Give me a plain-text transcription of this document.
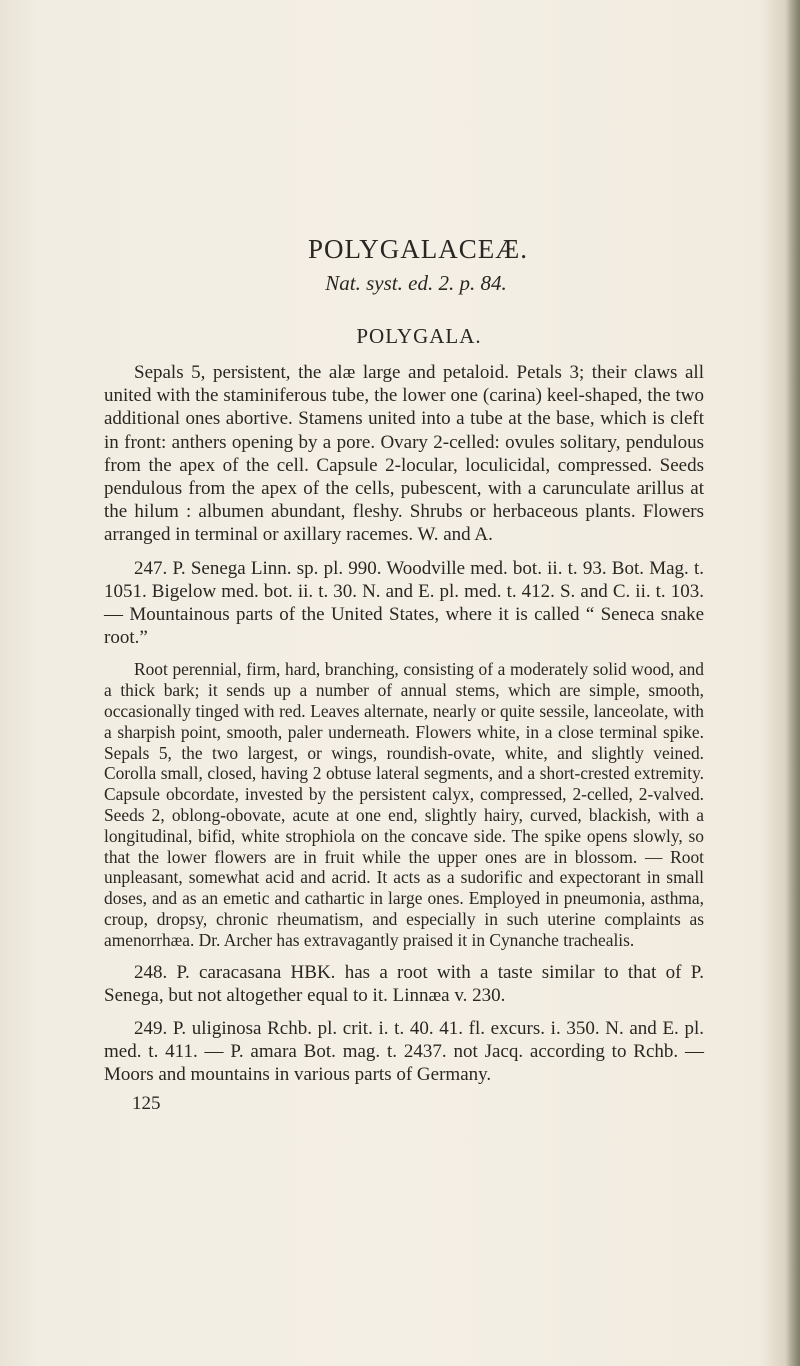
POLYGALACEÆ.
Nat. syst. ed. 2. p. 84.
POLYGALA.

Sepals 5, persistent, the alæ large and petaloid. Petals 3; their claws all united with the staminiferous tube, the lower one (carina) keel-shaped, the two additional ones abortive. Stamens united into a tube at the base, which is cleft in front: anthers opening by a pore. Ovary 2-celled: ovules solitary, pendulous from the apex of the cell. Capsule 2-locular, loculicidal, compressed. Seeds pendulous from the apex of the cells, pubescent, with a carunculate arillus at the hilum : albumen abundant, fleshy. Shrubs or herbaceous plants. Flowers arranged in terminal or axillary racemes. W. and A.

247. P. Senega Linn. sp. pl. 990. Woodville med. bot. ii. t. 93. Bot. Mag. t. 1051. Bigelow med. bot. ii. t. 30. N. and E. pl. med. t. 412. S. and C. ii. t. 103. — Mountainous parts of the United States, where it is called “ Seneca snake root.”

Root perennial, firm, hard, branching, consisting of a moderately solid wood, and a thick bark; it sends up a number of annual stems, which are simple, smooth, occasionally tinged with red. Leaves alternate, nearly or quite sessile, lanceolate, with a sharpish point, smooth, paler underneath. Flowers white, in a close terminal spike. Sepals 5, the two largest, or wings, roundish-ovate, white, and slightly veined. Corolla small, closed, having 2 obtuse lateral segments, and a short-crested extremity. Capsule obcordate, invested by the persistent calyx, compressed, 2-celled, 2-valved. Seeds 2, oblong-obovate, acute at one end, slightly hairy, curved, blackish, with a longitudinal, bifid, white strophiola on the concave side. The spike opens slowly, so that the lower flowers are in fruit while the upper ones are in blossom. — Root unpleasant, somewhat acid and acrid. It acts as a sudorific and expectorant in small doses, and as an emetic and cathartic in large ones. Employed in pneumonia, asthma, croup, dropsy, chronic rheumatism, and especially in such uterine complaints as amenorrhæa. Dr. Archer has extravagantly praised it in Cynanche trachealis.

248. P. caracasana HBK. has a root with a taste similar to that of P. Senega, but not altogether equal to it. Linnæa v. 230.

249. P. uliginosa Rchb. pl. crit. i. t. 40. 41. fl. excurs. i. 350. N. and E. pl. med. t. 411. — P. amara Bot. mag. t. 2437. not Jacq. according to Rchb. — Moors and mountains in various parts of Germany.

125
